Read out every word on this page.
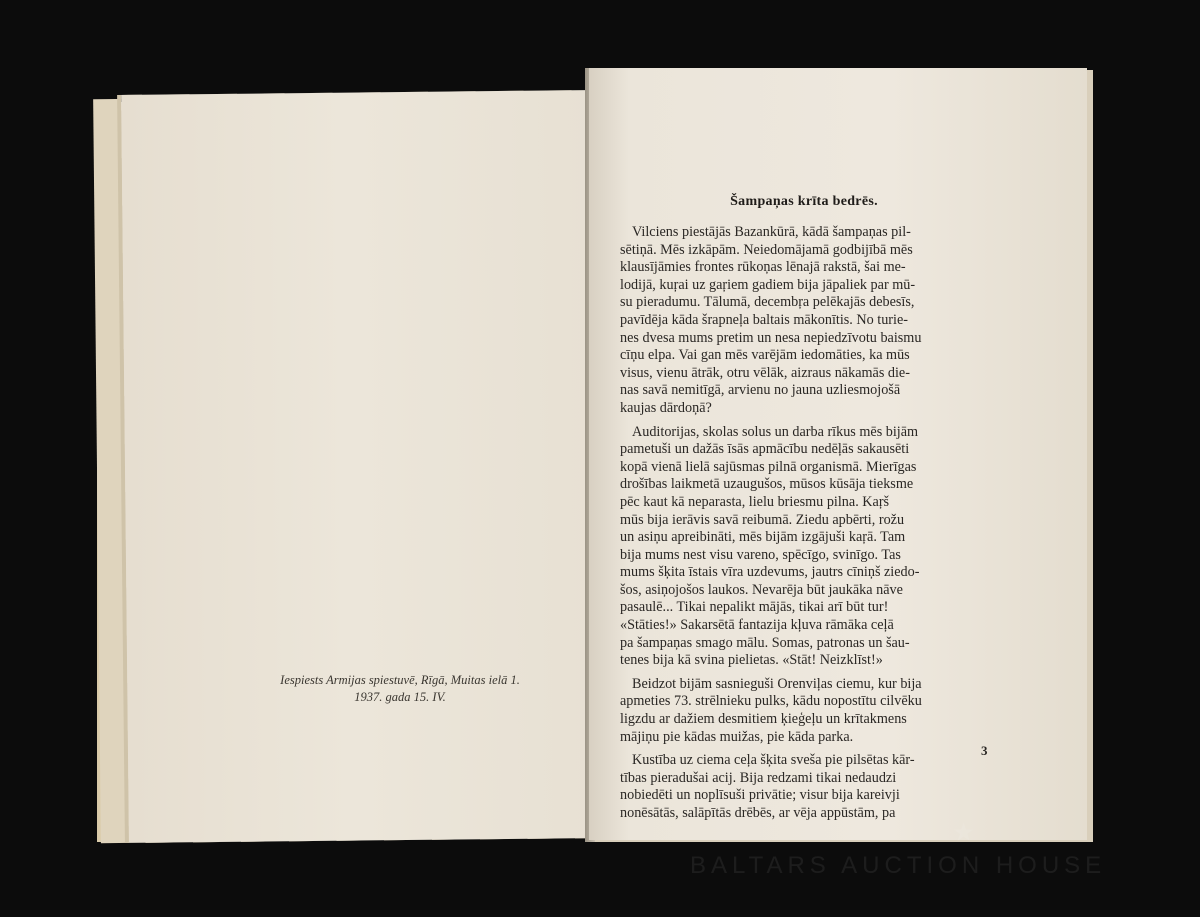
Iespiests Armijas spiestuvē, Rīgā, Muitas ielā 1.
1937. gada 15. IV.
Šampaņas krīta bedrēs.
Vilciens piestājās Bazankūrā, kādā šampaņas pil-
sētiņā. Mēs izkāpām. Neiedomājamā godbijībā mēs
klausījāmies frontes rūkoņas lēnajā rakstā, šai me-
lodijā, kuŗai uz gaŗiem gadiem bija jāpaliek par mū-
su pieradumu. Tālumā, decembŗa pelēkajās debesīs,
pavīdēja kāda šrapneļa baltais mākonītis. No turie-
nes dvesa mums pretim un nesa nepiedzīvotu baismu
cīņu elpa. Vai gan mēs varējām iedomāties, ka mūs
visus, vienu ātrāk, otru vēlāk, aizraus nākamās die-
nas savā nemitīgā, arvienu no jauna uzliesmojošā
kaujas dārdoņā?
Auditorijas, skolas solus un darba rīkus mēs bijām
pametuši un dažās īsās apmācību nedēļās sakausēti
kopā vienā lielā sajūsmas pilnā organismā. Mierīgas
drošības laikmetā uzaugušos, mūsos kūsāja tieksme
pēc kaut kā neparasta, lielu briesmu pilna. Kaŗš
mūs bija ierāvis savā reibumā. Ziedu apbērti, rožu
un asiņu apreibināti, mēs bijām izgājuši kaŗā. Tam
bija mums nest visu vareno, spēcīgo, svinīgo. Tas
mums šķita īstais vīra uzdevums, jautrs cīniņš ziedo-
šos, asiņojošos laukos. Nevarēja būt jaukāka nāve
pasaulē... Tikai nepalikt mājās, tikai arī būt tur!
«Stāties!» Sakarsētā fantazija kļuva rāmāka ceļā
pa šampaņas smago mālu. Somas, patronas un šau-
tenes bija kā svina pielietas. «Stāt! Neizklīst!»
Beidzot bijām sasnieguši Orenviļas ciemu, kur bija
apmeties 73. strēlnieku pulks, kādu nopostītu cilvēku
ligzdu ar dažiem desmitiem ķieģeļu un krītakmens
mājiņu pie kādas muižas, pie kāda parka.
Kustība uz ciema ceļa šķita sveša pie pilsētas kār-
tības pieradušai acij. Bija redzami tikai nedaudzi
nobiedēti un noplīsuši privātie; visur bija kareivji
nonēsātās, salāpītās drēbēs, ar vēja appūstām, pa
3
★
BALTARS AUCTION HOUSE
